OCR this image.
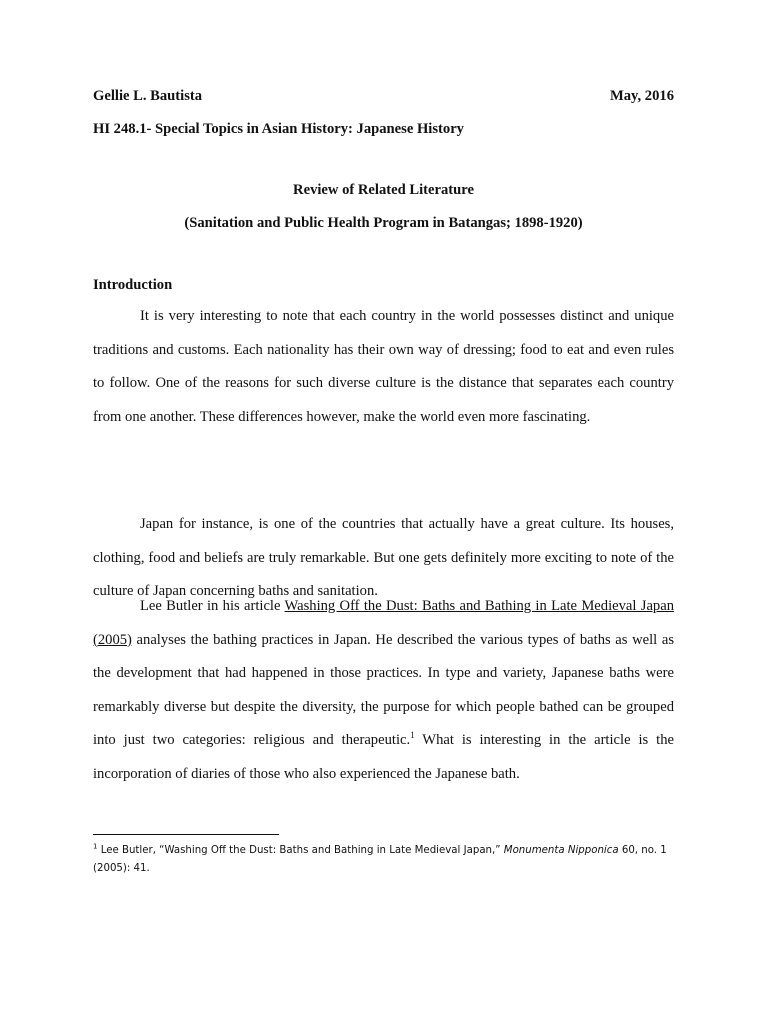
Gellie L. Bautista	May, 2016
HI 248.1- Special Topics in Asian History: Japanese History
Review of Related Literature
(Sanitation and Public Health Program in Batangas; 1898-1920)
Introduction

It is very interesting to note that each country in the world possesses distinct and unique traditions and customs. Each nationality has their own way of dressing; food to eat and even rules to follow. One of the reasons for such diverse culture is the distance that separates each country from one another. These differences however, make the world even more fascinating.

Japan for instance, is one of the countries that actually have a great culture. Its houses, clothing, food and beliefs are truly remarkable. But one gets definitely more exciting to note of the culture of Japan concerning baths and sanitation.

Lee Butler in his article Washing Off the Dust: Baths and Bathing in Late Medieval Japan (2005) analyses the bathing practices in Japan. He described the various types of baths as well as the development that had happened in those practices. In type and variety, Japanese baths were remarkably diverse but despite the diversity, the purpose for which people bathed can be grouped into just two categories: religious and therapeutic.$^1$ What is interesting in the article is the incorporation of diaries of those who also experienced the Japanese bath.

$^1$ Lee Butler, “Washing Off the Dust: Baths and Bathing in Late Medieval Japan,” Monumenta Nipponica 60, no. 1 (2005): 41.
